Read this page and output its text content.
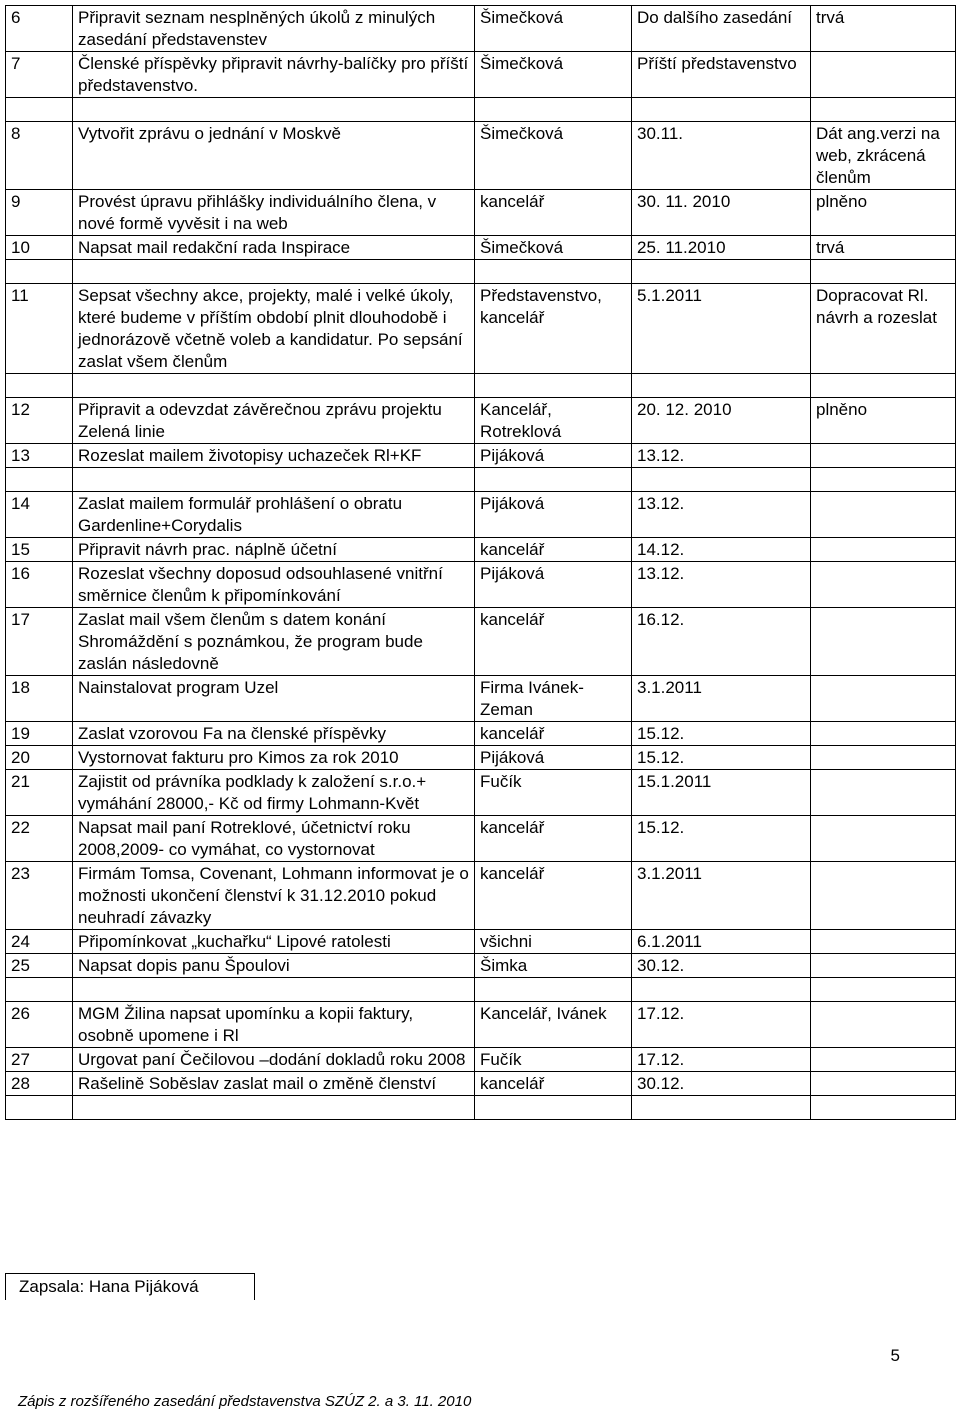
6	Připravit seznam nesplněných úkolů z minulých zasedání představenstev	Šimečková	Do dalšího zasedání	trvá
7	Členské příspěvky připravit návrhy-balíčky pro příští představenstvo.	Šimečková	Příští představenstvo	

8	Vytvořit zprávu o jednání v Moskvě	Šimečková	30.11.	Dát ang.verzi na web, zkrácená členům
9	Provést úpravu přihlášky individuálního člena, v nové formě vyvěsit i na web	kancelář	30. 11. 2010	plněno
10	Napsat mail redakční rada Inspirace	Šimečková	25. 11.2010	trvá

11	Sepsat všechny akce, projekty, malé i velké úkoly, které budeme v příštím období plnit dlouhodobě i jednorázově včetně voleb a kandidatur. Po sepsání zaslat všem členům	Představenstvo, kancelář	5.1.2011	Dopracovat Rl. návrh a rozeslat

12	Připravit a odevzdat závěrečnou zprávu projektu Zelená linie	Kancelář, Rotreklová	20. 12. 2010	plněno
13	Rozeslat mailem životopisy uchazeček Rl+KF	Pijáková	13.12.	

14	Zaslat mailem formulář prohlášení o obratu Gardenline+Corydalis	Pijáková	13.12.	
15	Připravit návrh prac. náplně účetní	kancelář	14.12.	
16	Rozeslat všechny doposud odsouhlasené vnitřní směrnice členům k připomínkování	Pijáková	13.12.	
17	Zaslat mail všem členům s datem konání Shromáždění s poznámkou, že program bude zaslán následovně	kancelář	16.12.	
18	Nainstalovat program Uzel	Firma Ivánek-Zeman	3.1.2011	
19	Zaslat vzorovou Fa na členské příspěvky	kancelář	15.12.	
20	Vystornovat fakturu pro Kimos za rok 2010	Pijáková	15.12.	
21	Zajistit od právníka podklady k založení s.r.o.+ vymáhání 28000,- Kč od firmy Lohmann-Květ	Fučík	15.1.2011	
22	Napsat mail paní Rotreklové, účetnictví roku 2008,2009- co vymáhat, co vystornovat	kancelář	15.12.	
23	Firmám Tomsa, Covenant, Lohmann informovat je o možnosti ukončení členství k 31.12.2010 pokud neuhradí závazky	kancelář	3.1.2011	
24	Připomínkovat „kuchařku“ Lipové ratolesti	všichni	6.1.2011	
25	Napsat dopis panu Špoulovi	Šimka	30.12.	

26	MGM Žilina napsat upomínku a kopii faktury, osobně upomene i Rl	Kancelář, Ivánek	17.12.	
27	Urgovat paní Čečilovou –dodání dokladů roku 2008	Fučík	17.12.	
28	Rašelině Soběslav zaslat mail o změně členství	kancelář	30.12.	

Zapsala: Hana Pijáková
5
Zápis z rozšířeného zasedání představenstva SZÚZ 2. a 3. 11. 2010
